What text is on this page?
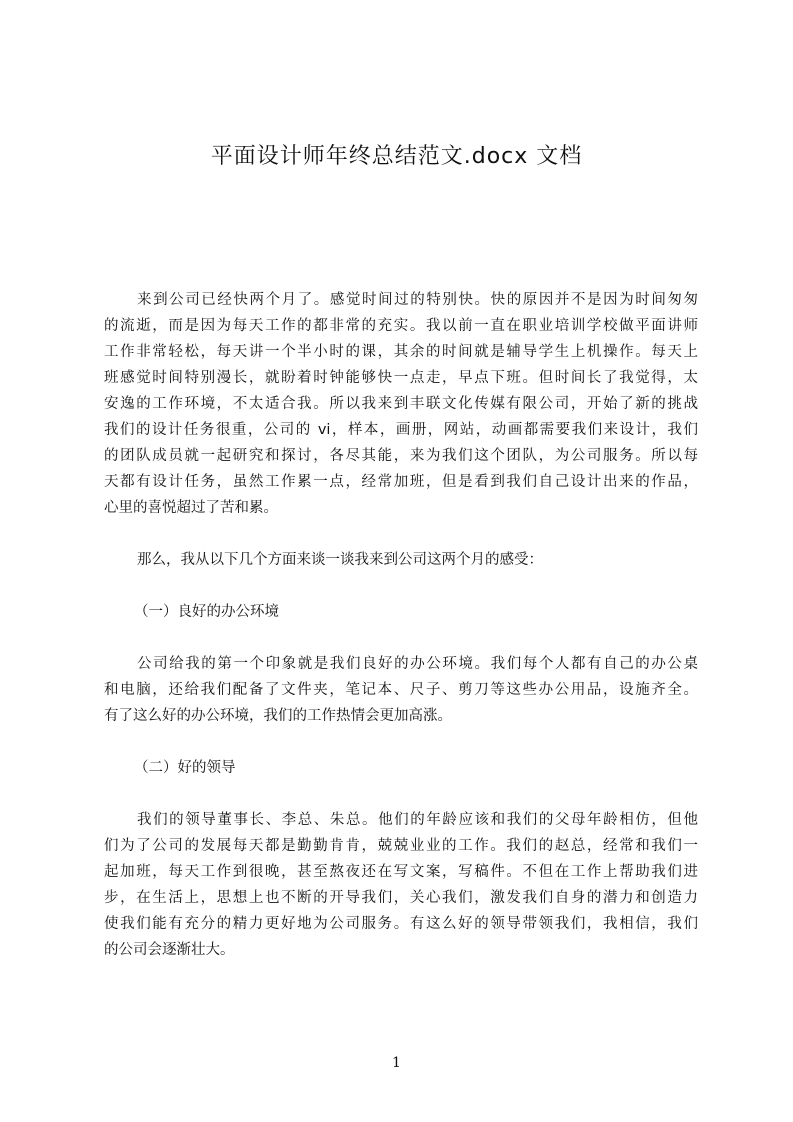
平面设计师年终总结范文.docx 文档
来到公司已经快两个月了。感觉时间过的特别快。快的原因并不是因为时间匆匆
的流逝，而是因为每天工作的都非常的充实。我以前一直在职业培训学校做平面讲师
工作非常轻松，每天讲一个半小时的课，其余的时间就是辅导学生上机操作。每天上
班感觉时间特别漫长，就盼着时钟能够快一点走，早点下班。但时间长了我觉得，太
安逸的工作环境，不太适合我。所以我来到丰联文化传媒有限公司，开始了新的挑战
我们的设计任务很重，公司的 vi，样本，画册，网站，动画都需要我们来设计，我们
的团队成员就一起研究和探讨，各尽其能，来为我们这个团队，为公司服务。所以每
天都有设计任务，虽然工作累一点，经常加班，但是看到我们自己设计出来的作品，
心里的喜悦超过了苦和累。
那么，我从以下几个方面来谈一谈我来到公司这两个月的感受：
（一）良好的办公环境
公司给我的第一个印象就是我们良好的办公环境。我们每个人都有自己的办公桌
和电脑，还给我们配备了文件夹，笔记本、尺子、剪刀等这些办公用品，设施齐全。
有了这么好的办公环境，我们的工作热情会更加高涨。
（二）好的领导
我们的领导董事长、李总、朱总。他们的年龄应该和我们的父母年龄相仿，但他
们为了公司的发展每天都是勤勤肯肯，兢兢业业的工作。我们的赵总，经常和我们一
起加班，每天工作到很晚，甚至熬夜还在写文案，写稿件。不但在工作上帮助我们进
步，在生活上，思想上也不断的开导我们，关心我们，激发我们自身的潜力和创造力
使我们能有充分的精力更好地为公司服务。有这么好的领导带领我们，我相信，我们
的公司会逐渐壮大。
1
